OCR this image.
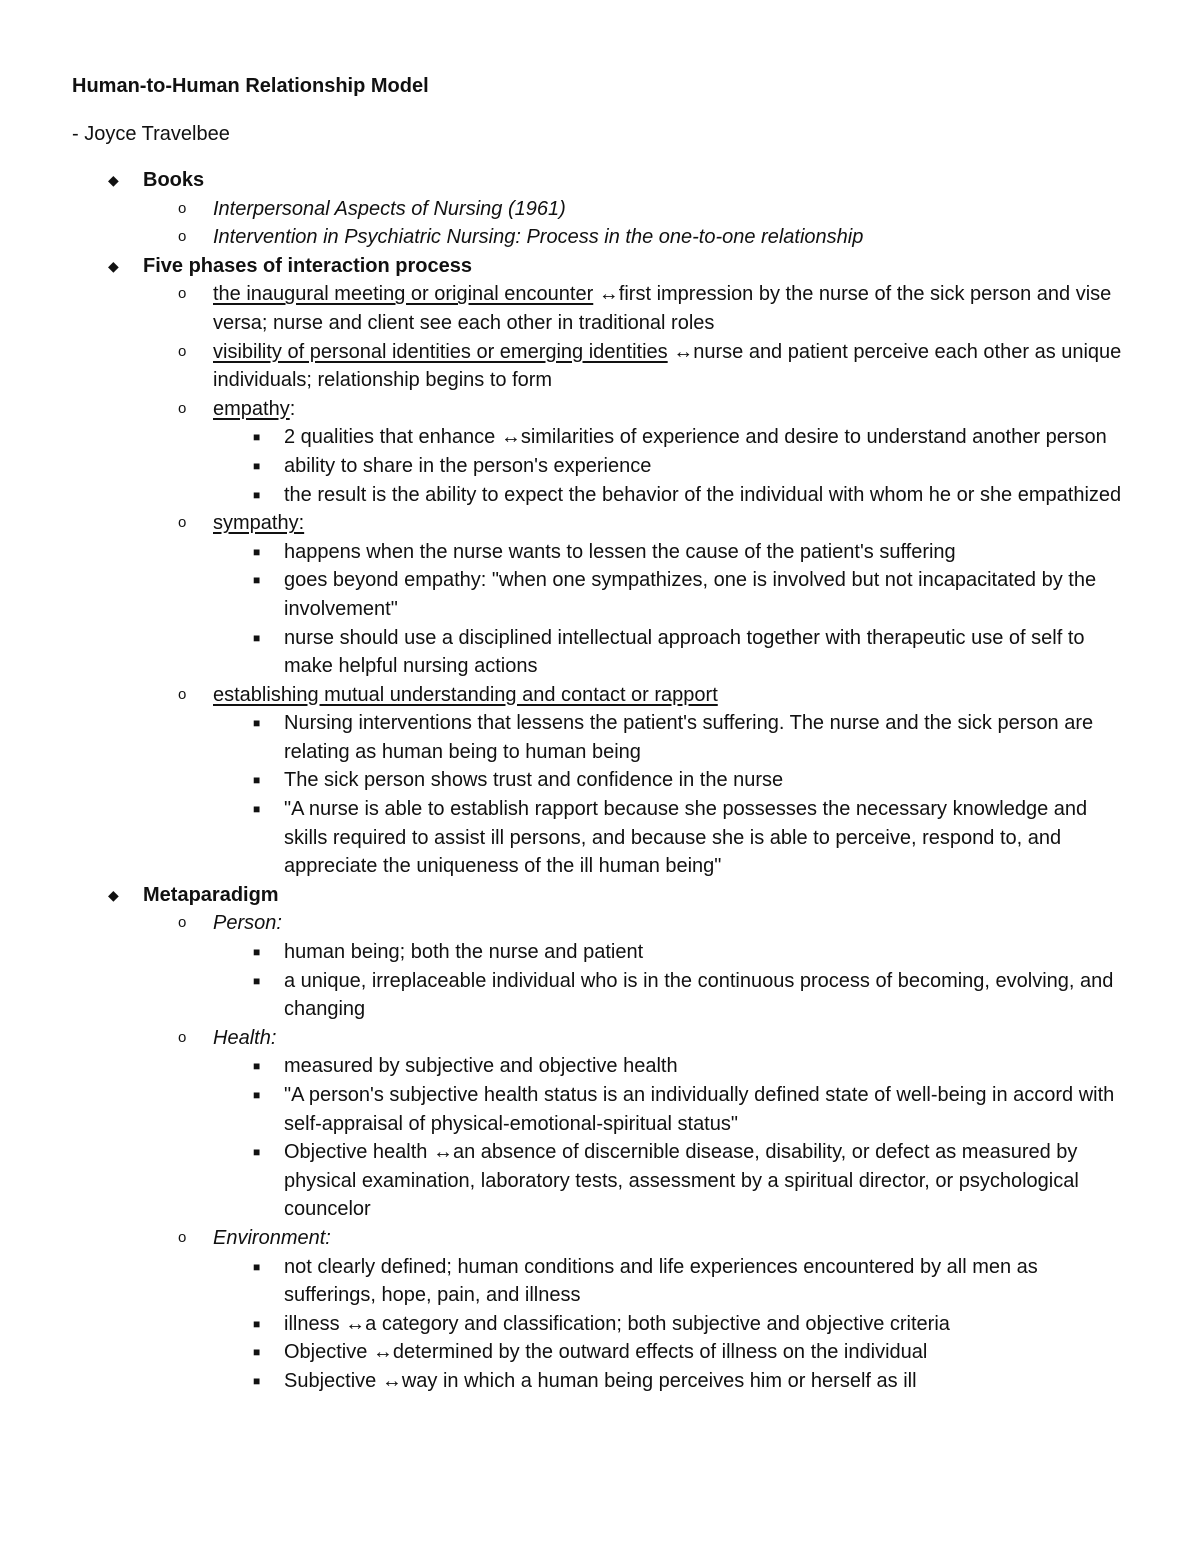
Human-to-Human Relationship Model

- Joyce Travelbee

◆ Books
o Interpersonal Aspects of Nursing (1961)
o Intervention in Psychiatric Nursing: Process in the one-to-one relationship
◆ Five phases of interaction process
o the inaugural meeting or original encounter ↔first impression by the nurse of the sick person and vise versa; nurse and client see each other in traditional roles
o visibility of personal identities or emerging identities ↔nurse and patient perceive each other as unique individuals; relationship begins to form
o empathy:
■ 2 qualities that enhance ↔similarities of experience and desire to understand another person
■ ability to share in the person's experience
■ the result is the ability to expect the behavior of the individual with whom he or she empathized
o sympathy:
■ happens when the nurse wants to lessen the cause of the patient's suffering
■ goes beyond empathy: "when one sympathizes, one is involved but not incapacitated by the involvement"
■ nurse should use a disciplined intellectual approach together with therapeutic use of self to make helpful nursing actions
o establishing mutual understanding and contact or rapport
■ Nursing interventions that lessens the patient's suffering. The nurse and the sick person are relating as human being to human being
■ The sick person shows trust and confidence in the nurse
■ "A nurse is able to establish rapport because she possesses the necessary knowledge and skills required to assist ill persons, and because she is able to perceive, respond to, and appreciate the uniqueness of the ill human being"
◆ Metaparadigm
o Person:
■ human being; both the nurse and patient
■ a unique, irreplaceable individual who is in the continuous process of becoming, evolving, and changing
o Health:
■ measured by subjective and objective health
■ "A person's subjective health status is an individually defined state of well-being in accord with self-appraisal of physical-emotional-spiritual status"
■ Objective health ↔an absence of discernible disease, disability, or defect as measured by physical examination, laboratory tests, assessment by a spiritual director, or psychological councelor
o Environment:
■ not clearly defined; human conditions and life experiences encountered by all men as sufferings, hope, pain, and illness
■ illness ↔a category and classification; both subjective and objective criteria
■ Objective ↔determined by the outward effects of illness on the individual
■ Subjective ↔way in which a human being perceives him or herself as ill
